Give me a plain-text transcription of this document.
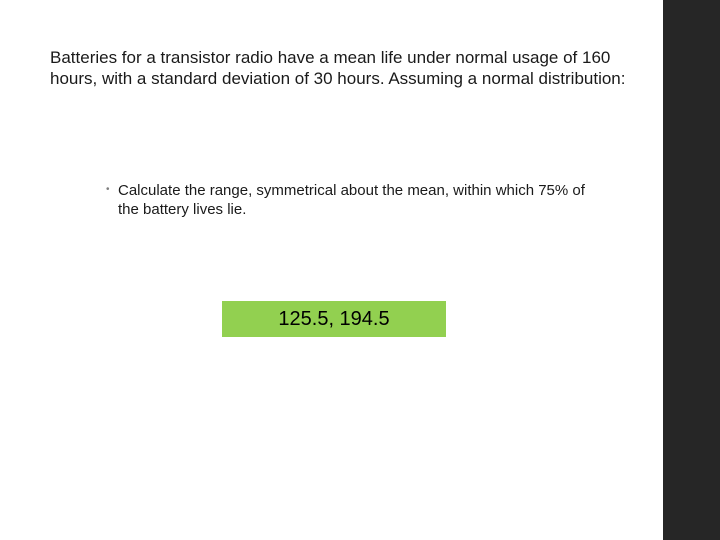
Batteries for a transistor radio have a mean life under normal usage of 160 hours, with a standard deviation of 30 hours. Assuming a normal distribution:

• Calculate the range, symmetrical about the mean, within which 75% of the battery lives lie.
125.5, 194.5
